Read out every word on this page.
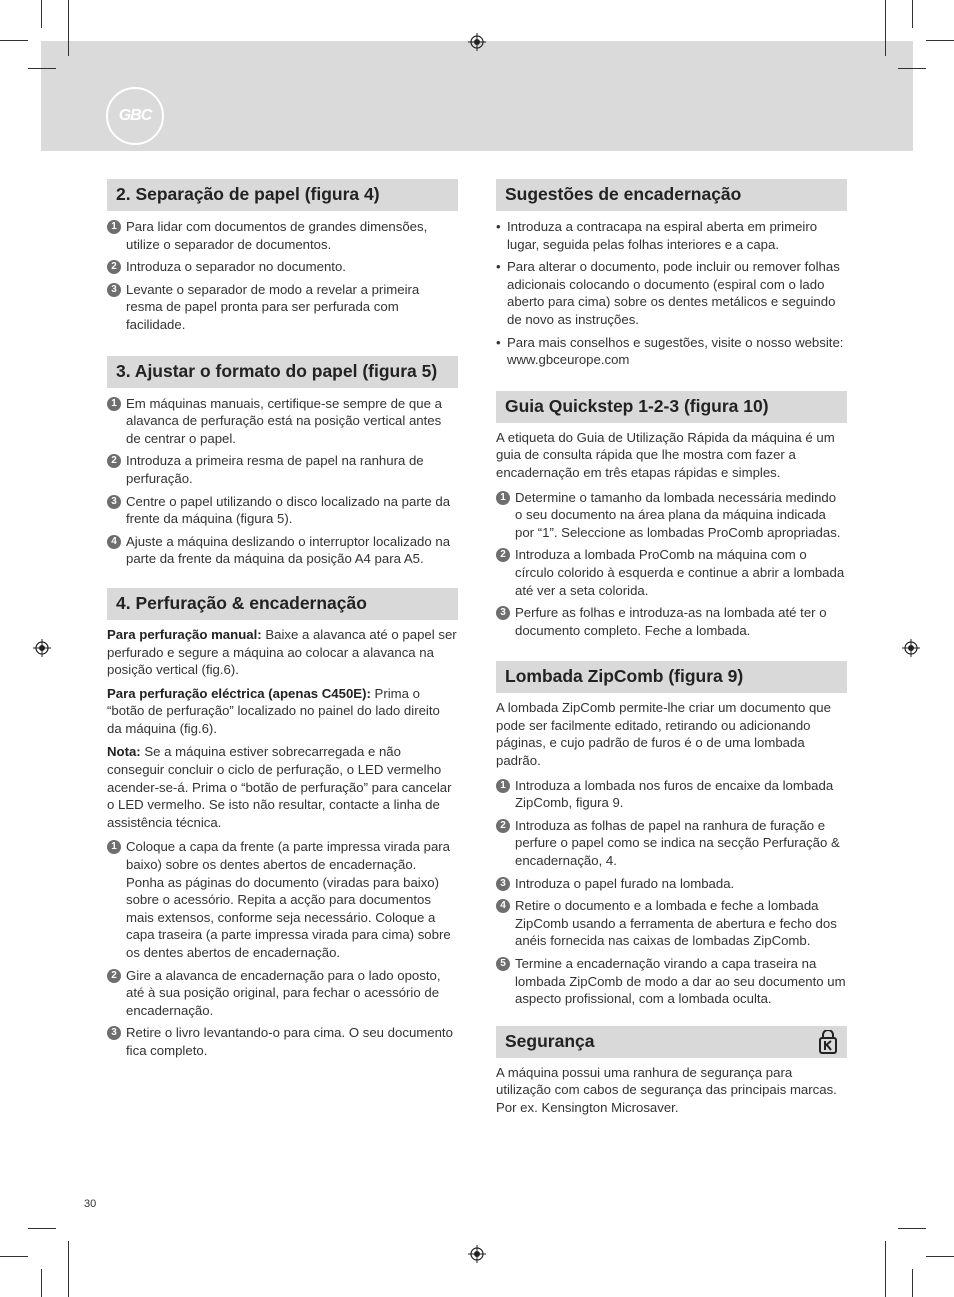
GBC
2. Separação de papel (figura 4)
1 Para lidar com documentos de grandes dimensões, utilize o separador de documentos.
2 Introduza o separador no documento.
3 Levante o separador de modo a revelar a primeira resma de papel pronta para ser perfurada com facilidade.
3. Ajustar o formato do papel (figura 5)
1 Em máquinas manuais, certifique-se sempre de que a alavanca de perfuração está na posição vertical antes de centrar o papel.
2 Introduza a primeira resma de papel na ranhura de perfuração.
3 Centre o papel utilizando o disco localizado na parte da frente da máquina (figura 5).
4 Ajuste a máquina deslizando o interruptor localizado na parte da frente da máquina da posição A4 para A5.
4. Perfuração & encadernação

Para perfuração manual: Baixe a alavanca até o papel ser perfurado e segure a máquina ao colocar a alavanca na posição vertical (fig.6).

Para perfuração eléctrica (apenas C450E): Prima o “botão de perfuração” localizado no painel do lado direito da máquina (fig.6).

Nota: Se a máquina estiver sobrecarregada e não conseguir concluir o ciclo de perfuração, o LED vermelho acender-se-á. Prima o “botão de perfuração” para cancelar o LED vermelho. Se isto não resultar, contacte a linha de assistência técnica.

1 Coloque a capa da frente (a parte impressa virada para baixo) sobre os dentes abertos de encadernação. Ponha as páginas do documento (viradas para baixo) sobre o acessório. Repita a acção para documentos mais extensos, conforme seja necessário. Coloque a capa traseira (a parte impressa virada para cima) sobre os dentes abertos de encadernação.
2 Gire a alavanca de encadernação para o lado oposto, até à sua posição original, para fechar o acessório de encadernação.
3 Retire o livro levantando-o para cima. O seu documento fica completo.
Sugestões de encadernação
• Introduza a contracapa na espiral aberta em primeiro lugar, seguida pelas folhas interiores e a capa.
• Para alterar o documento, pode incluir ou remover folhas adicionais colocando o documento (espiral com o lado aberto para cima) sobre os dentes metálicos e seguindo de novo as instruções.
• Para mais conselhos e sugestões, visite o nosso website: www.gbceurope.com
Guia Quickstep 1-2-3 (figura 10)

A etiqueta do Guia de Utilização Rápida da máquina é um guia de consulta rápida que lhe mostra com fazer a encadernação em três etapas rápidas e simples.

1 Determine o tamanho da lombada necessária medindo o seu documento na área plana da máquina indicada por “1”. Seleccione as lombadas ProComb apropriadas.
2 Introduza a lombada ProComb na máquina com o círculo colorido à esquerda e continue a abrir a lombada até ver a seta colorida.
3 Perfure as folhas e introduza-as na lombada até ter o documento completo. Feche a lombada.
Lombada ZipComb (figura 9)

A lombada ZipComb permite-lhe criar um documento que pode ser facilmente editado, retirando ou adicionando páginas, e cujo padrão de furos é o de uma lombada padrão.

1 Introduza a lombada nos furos de encaixe da lombada ZipComb, figura 9.
2 Introduza as folhas de papel na ranhura de furação e perfure o papel como se indica na secção Perfuração & encadernação, 4.
3 Introduza o papel furado na lombada.
4 Retire o documento e a lombada e feche a lombada ZipComb usando a ferramenta de abertura e fecho dos anéis fornecida nas caixas de lombadas ZipComb.
5 Termine a encadernação virando a capa traseira na lombada ZipComb de modo a dar ao seu documento um aspecto profissional, com a lombada oculta.
Segurança

A máquina possui uma ranhura de segurança para utilização com cabos de segurança das principais marcas. Por ex. Kensington Microsaver.

30
